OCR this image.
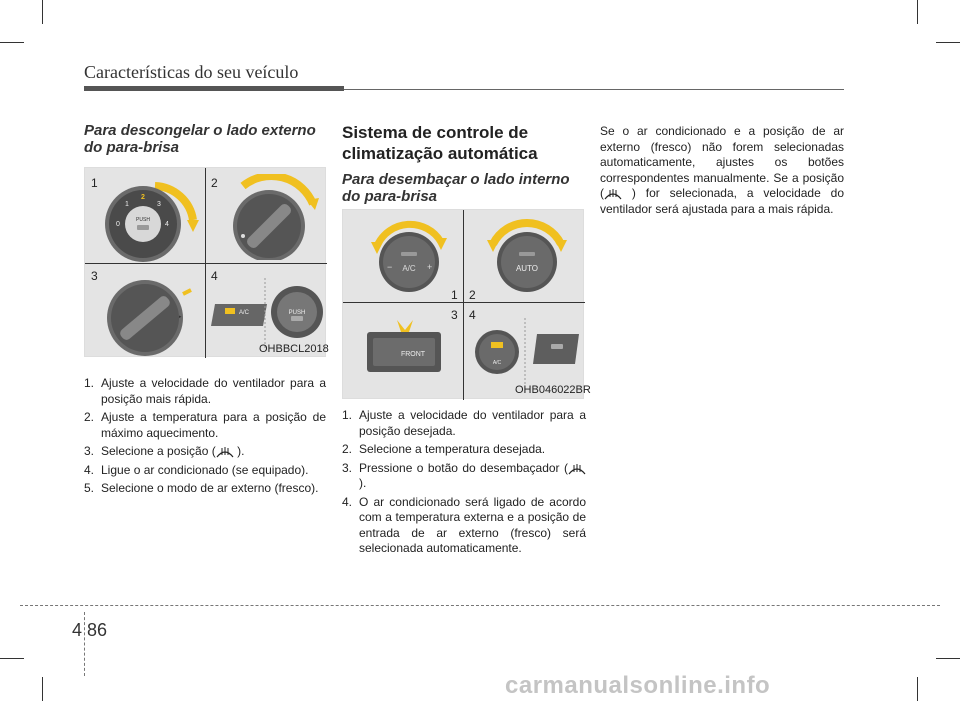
Características do seu veículo
Para descongelar o lado externo
do para-brisa
1	2
3	4
PUSH
0
1
2
3
4
▸
A/C	PUSH
OHBBCL2018
1. Ajuste a velocidade do ventilador para a posição mais rápida.
2. Ajuste a temperatura para a posição de máximo aquecimento.
3. Selecione a posição ( ).
4. Ligue o ar condicionado (se equipado).
5. Selecione o modo de ar externo (fresco).
Sistema de controle de
climatização automática
Para desembaçar o lado interno
do para-brisa
1 2
3 4
A/C
−	+	AUTO
FRONT
A/C
OHB046022BR
1. Ajuste a velocidade do ventilador para a posição desejada.
2. Selecione a temperatura desejada.
3. Pressione o botão do desembaçador ( ).
4. O ar condicionado será ligado de acordo com a temperatura externa e a posição de entrada de ar externo (fresco) será selecionada automaticamente.

Se o ar condicionado e a posição de ar externo (fresco) não forem selecionadas automaticamente, ajustes os botões correspondentes manualmente. Se a posição ( ) for selecionada, a velocidade do ventilador será ajustada para a mais rápida.

4 86
carmanualsonline.info
